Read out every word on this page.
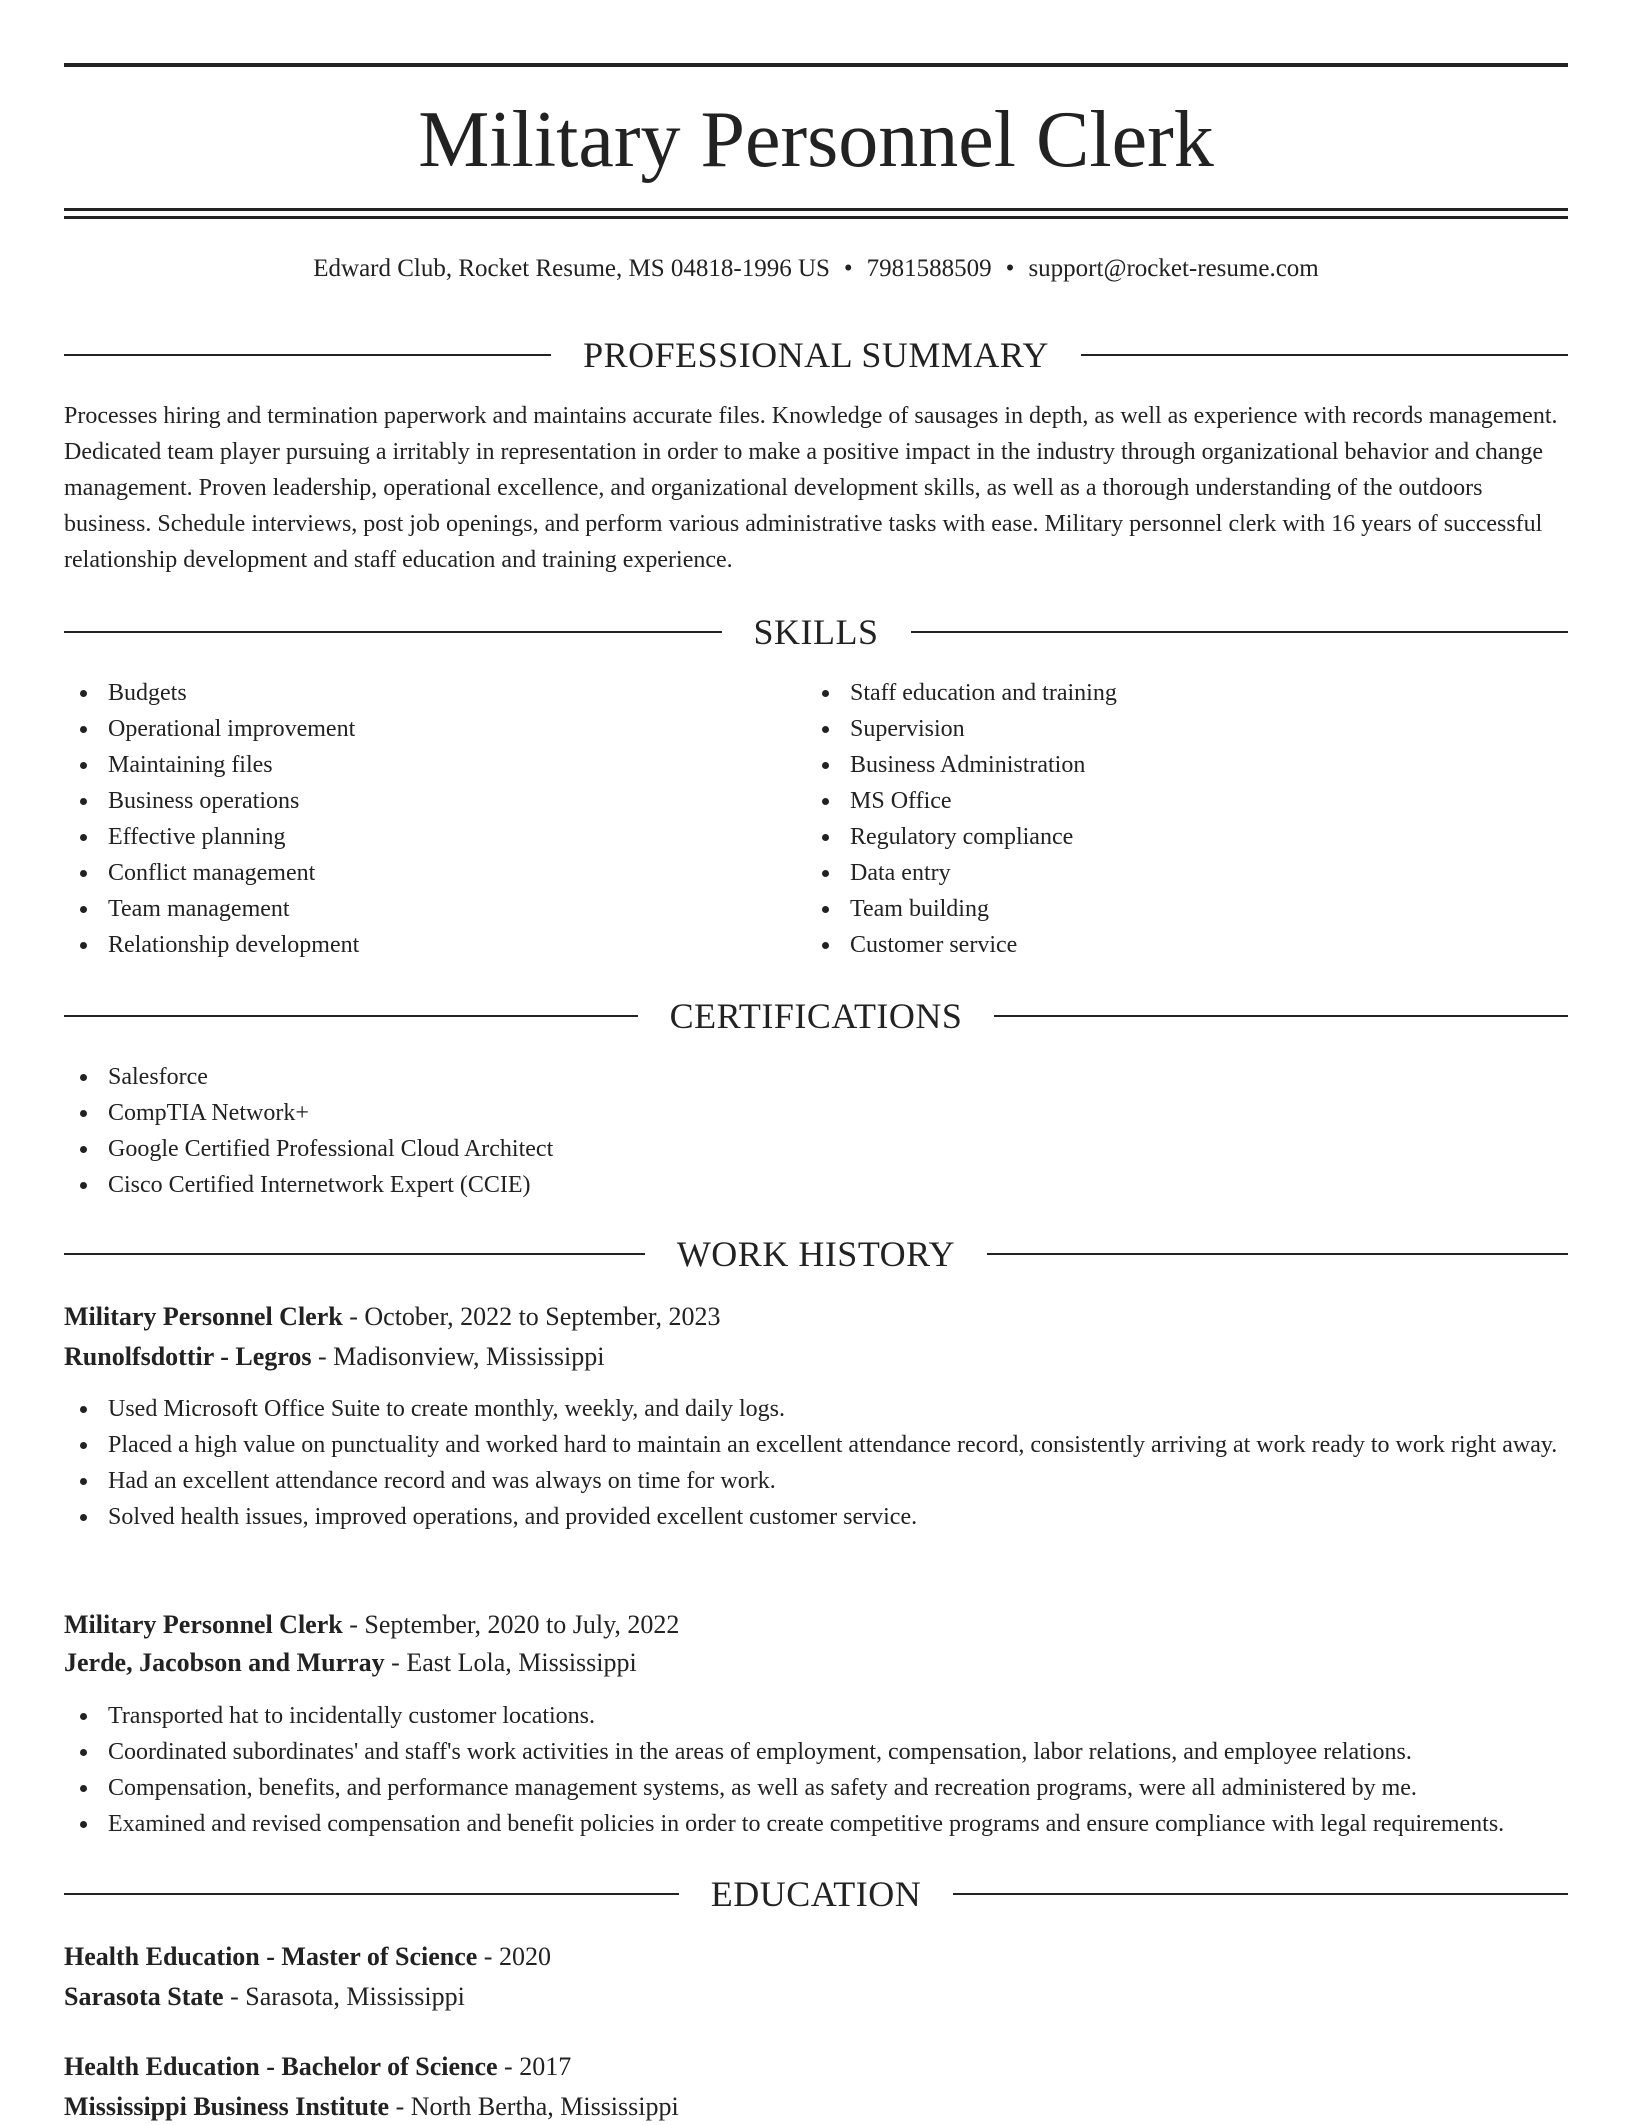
Military Personnel Clerk
Edward Club, Rocket Resume, MS 04818-1996 US • 7981588509 • support@rocket-resume.com
PROFESSIONAL SUMMARY

Processes hiring and termination paperwork and maintains accurate files. Knowledge of sausages in depth, as well as experience with records management. Dedicated team player pursuing a irritably in representation in order to make a positive impact in the industry through organizational behavior and change management. Proven leadership, operational excellence, and organizational development skills, as well as a thorough understanding of the outdoors business. Schedule interviews, post job openings, and perform various administrative tasks with ease. Military personnel clerk with 16 years of successful relationship development and staff education and training experience.

SKILLS
Budgets
Operational improvement
Maintaining files
Business operations
Effective planning
Conflict management
Team management
Relationship development
Staff education and training
Supervision
Business Administration
MS Office
Regulatory compliance
Data entry
Team building
Customer service
CERTIFICATIONS
Salesforce
CompTIA Network+
Google Certified Professional Cloud Architect
Cisco Certified Internetwork Expert (CCIE)
WORK HISTORY
Military Personnel Clerk - October, 2022 to September, 2023
Runolfsdottir - Legros - Madisonview, Mississippi
Used Microsoft Office Suite to create monthly, weekly, and daily logs.
Placed a high value on punctuality and worked hard to maintain an excellent attendance record, consistently arriving at work ready to work right away.
Had an excellent attendance record and was always on time for work.
Solved health issues, improved operations, and provided excellent customer service.
Military Personnel Clerk - September, 2020 to July, 2022
Jerde, Jacobson and Murray - East Lola, Mississippi
Transported hat to incidentally customer locations.
Coordinated subordinates' and staff's work activities in the areas of employment, compensation, labor relations, and employee relations.
Compensation, benefits, and performance management systems, as well as safety and recreation programs, were all administered by me.
Examined and revised compensation and benefit policies in order to create competitive programs and ensure compliance with legal requirements.
EDUCATION
Health Education - Master of Science - 2020
Sarasota State - Sarasota, Mississippi
Health Education - Bachelor of Science - 2017
Mississippi Business Institute - North Bertha, Mississippi
